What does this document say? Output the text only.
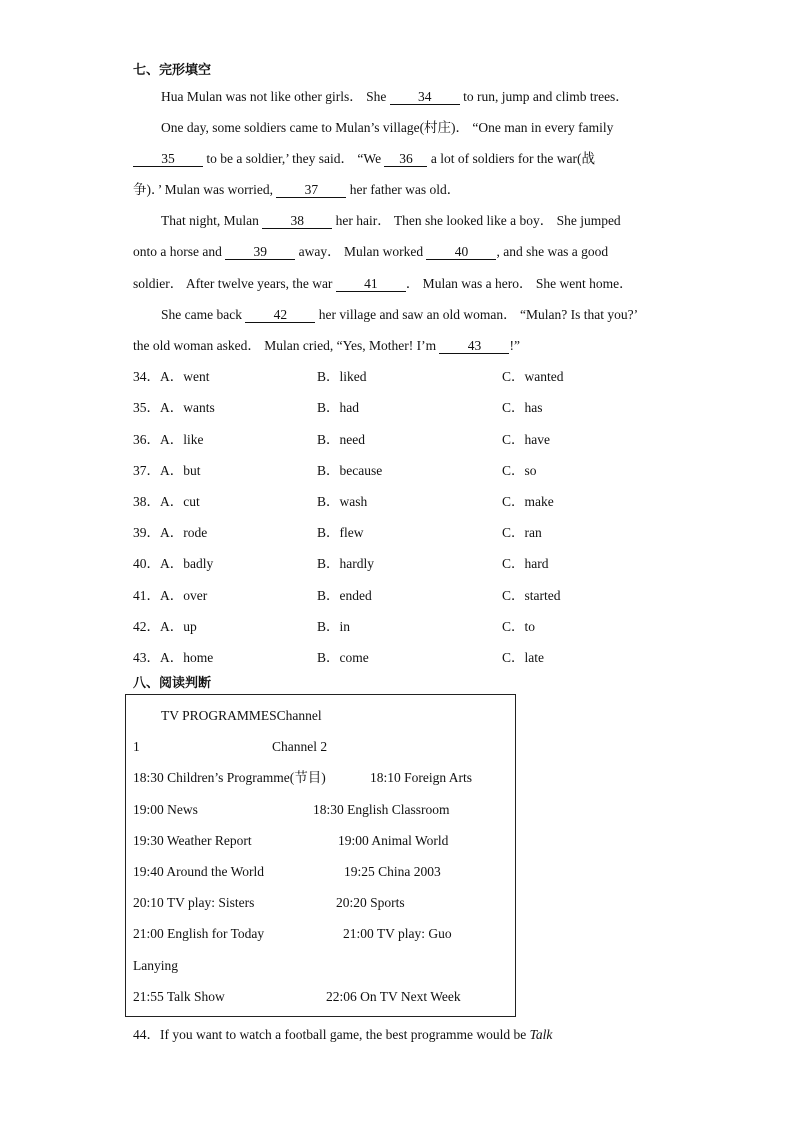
七、完形填空
Hua Mulan was not like other girls． She 34 to run, jump and climb trees．
One day, some soldiers came to Mulan’s village(村庄)． “One man in every family
35 to be a soldier,’ they said． “We 36 a lot of soldiers for the war(战
争)．’ Mulan was worried, 37 her father was old．
That night, Mulan 38 her hair． Then she looked like a boy． She jumped
onto a horse and 39 away． Mulan worked 40 , and she was a good
soldier． After twelve years, the war 41 ． Mulan was a hero． She went home．
She came back 42 her village and saw an old woman． “Mulan? Is that you?’
the old woman asked． Mulan cried, “Yes, Mother! I’m 43 !”
34． A．went	B．liked	C．wanted
35． A．wants	B．had	C．has
36． A．like	B．need	C．have
37． A．but	B．because	C．so
38． A．cut	B．wash	C．make
39． A．rode	B．flew	C．ran
40． A．badly	B．hardly	C．hard
41． A．over	B．ended	C．started
42． A．up	B．in	C．to
43． A．home	B．come	C．late
八、阅读判断
TV PROGRAMMESChannel
1	Channel 2
18:30 Children’s Programme(节目)	18:10 Foreign Arts
19:00 News	18:30 English Classroom
19:30 Weather Report	19:00 Animal World
19:40 Around the World	19:25 China 2003
20:10 TV play: Sisters	20:20 Sports
21:00 English for Today	21:00 TV play: Guo
Lanying
21:55 Talk Show	22:06 On TV Next Week
44．If you want to watch a football game, the best programme would be Talk
